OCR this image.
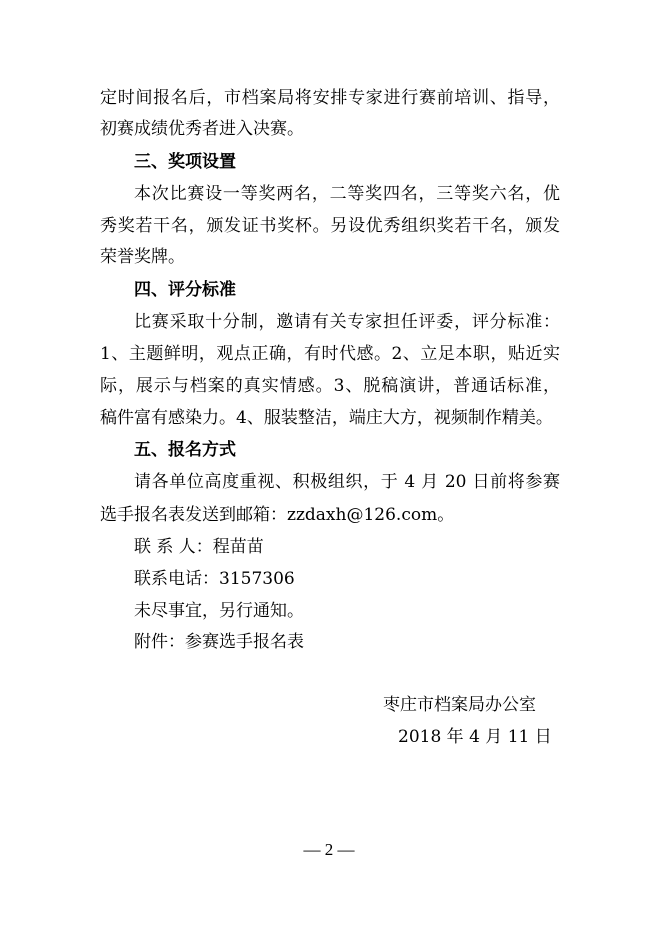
定时间报名后，市档案局将安排专家进行赛前培训、指导，
初赛成绩优秀者进入决赛。
三、奖项设置
本次比赛设一等奖两名，二等奖四名，三等奖六名，优
秀奖若干名，颁发证书奖杯。另设优秀组织奖若干名，颁发
荣誉奖牌。
四、评分标准
比赛采取十分制，邀请有关专家担任评委，评分标准：
1、主题鲜明，观点正确，有时代感。2、立足本职，贴近实
际，展示与档案的真实情感。3、脱稿演讲，普通话标准，
稿件富有感染力。4、服装整洁，端庄大方，视频制作精美。
五、报名方式
请各单位高度重视、积极组织，于 4 月 20 日前将参赛
选手报名表发送到邮箱：zzdaxh@126.com。
联 系 人：程苗苗
联系电话：3157306
未尽事宜，另行通知。
附件：参赛选手报名表
枣庄市档案局办公室
2018 年 4 月 11 日
— 2 —
